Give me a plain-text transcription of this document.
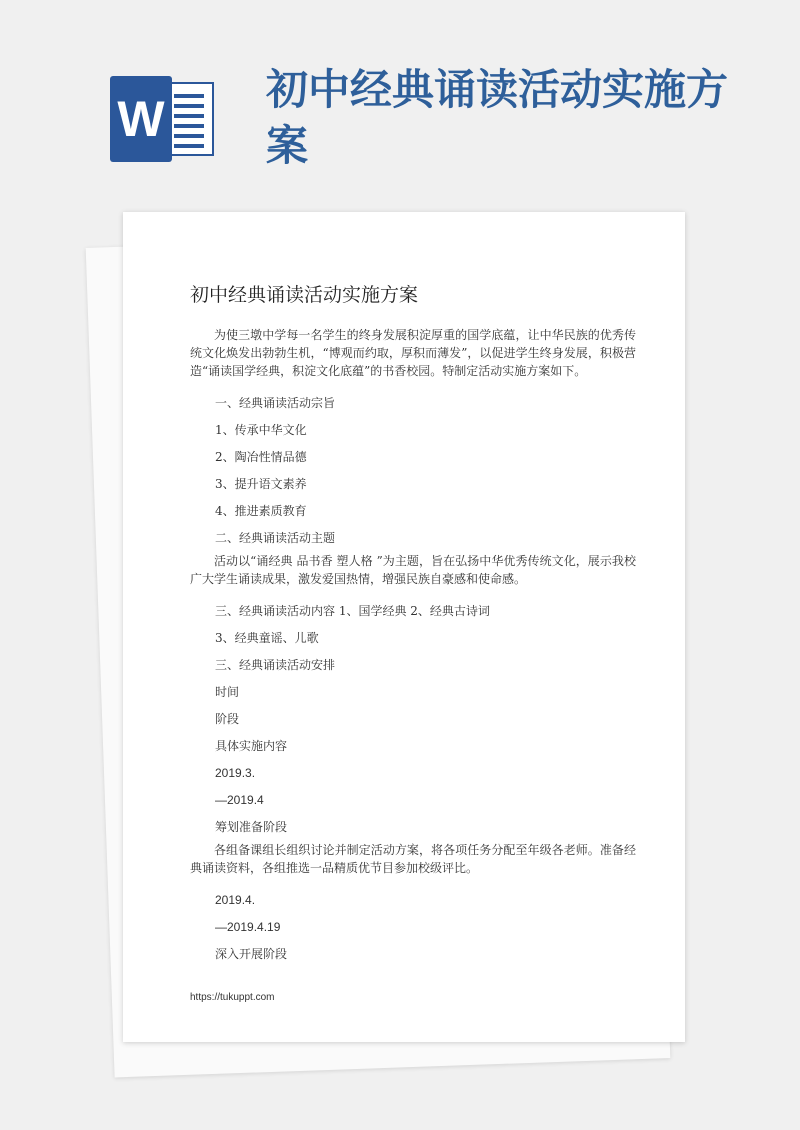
W
初中经典诵读活动实施方案
初中经典诵读活动实施方案

为使三墩中学每一名学生的终身发展积淀厚重的国学底蕴，让中华民族的优秀传统文化焕发出勃勃生机，“博观而约取，厚积而薄发”，以促进学生终身发展，积极营造“诵读国学经典，积淀文化底蕴”的书香校园。特制定活动实施方案如下。

一、经典诵读活动宗旨

1、传承中华文化

2、陶冶性情品德

3、提升语文素养

4、推进素质教育

二、经典诵读活动主题

活动以“诵经典 品书香 塑人格 ”为主题，旨在弘扬中华优秀传统文化，展示我校广大学生诵读成果，激发爱国热情，增强民族自豪感和使命感。

三、经典诵读活动内容 1、国学经典 2、经典古诗词

3、经典童谣、儿歌

三、经典诵读活动安排

时间

阶段

具体实施内容

2019.3.

—2019.4

筹划准备阶段

各组备课组长组织讨论并制定活动方案，将各项任务分配至年级各老师。准备经典诵读资料，各组推选一品精质优节目参加校级评比。

2019.4.

—2019.4.19

深入开展阶段

https://tukuppt.com
